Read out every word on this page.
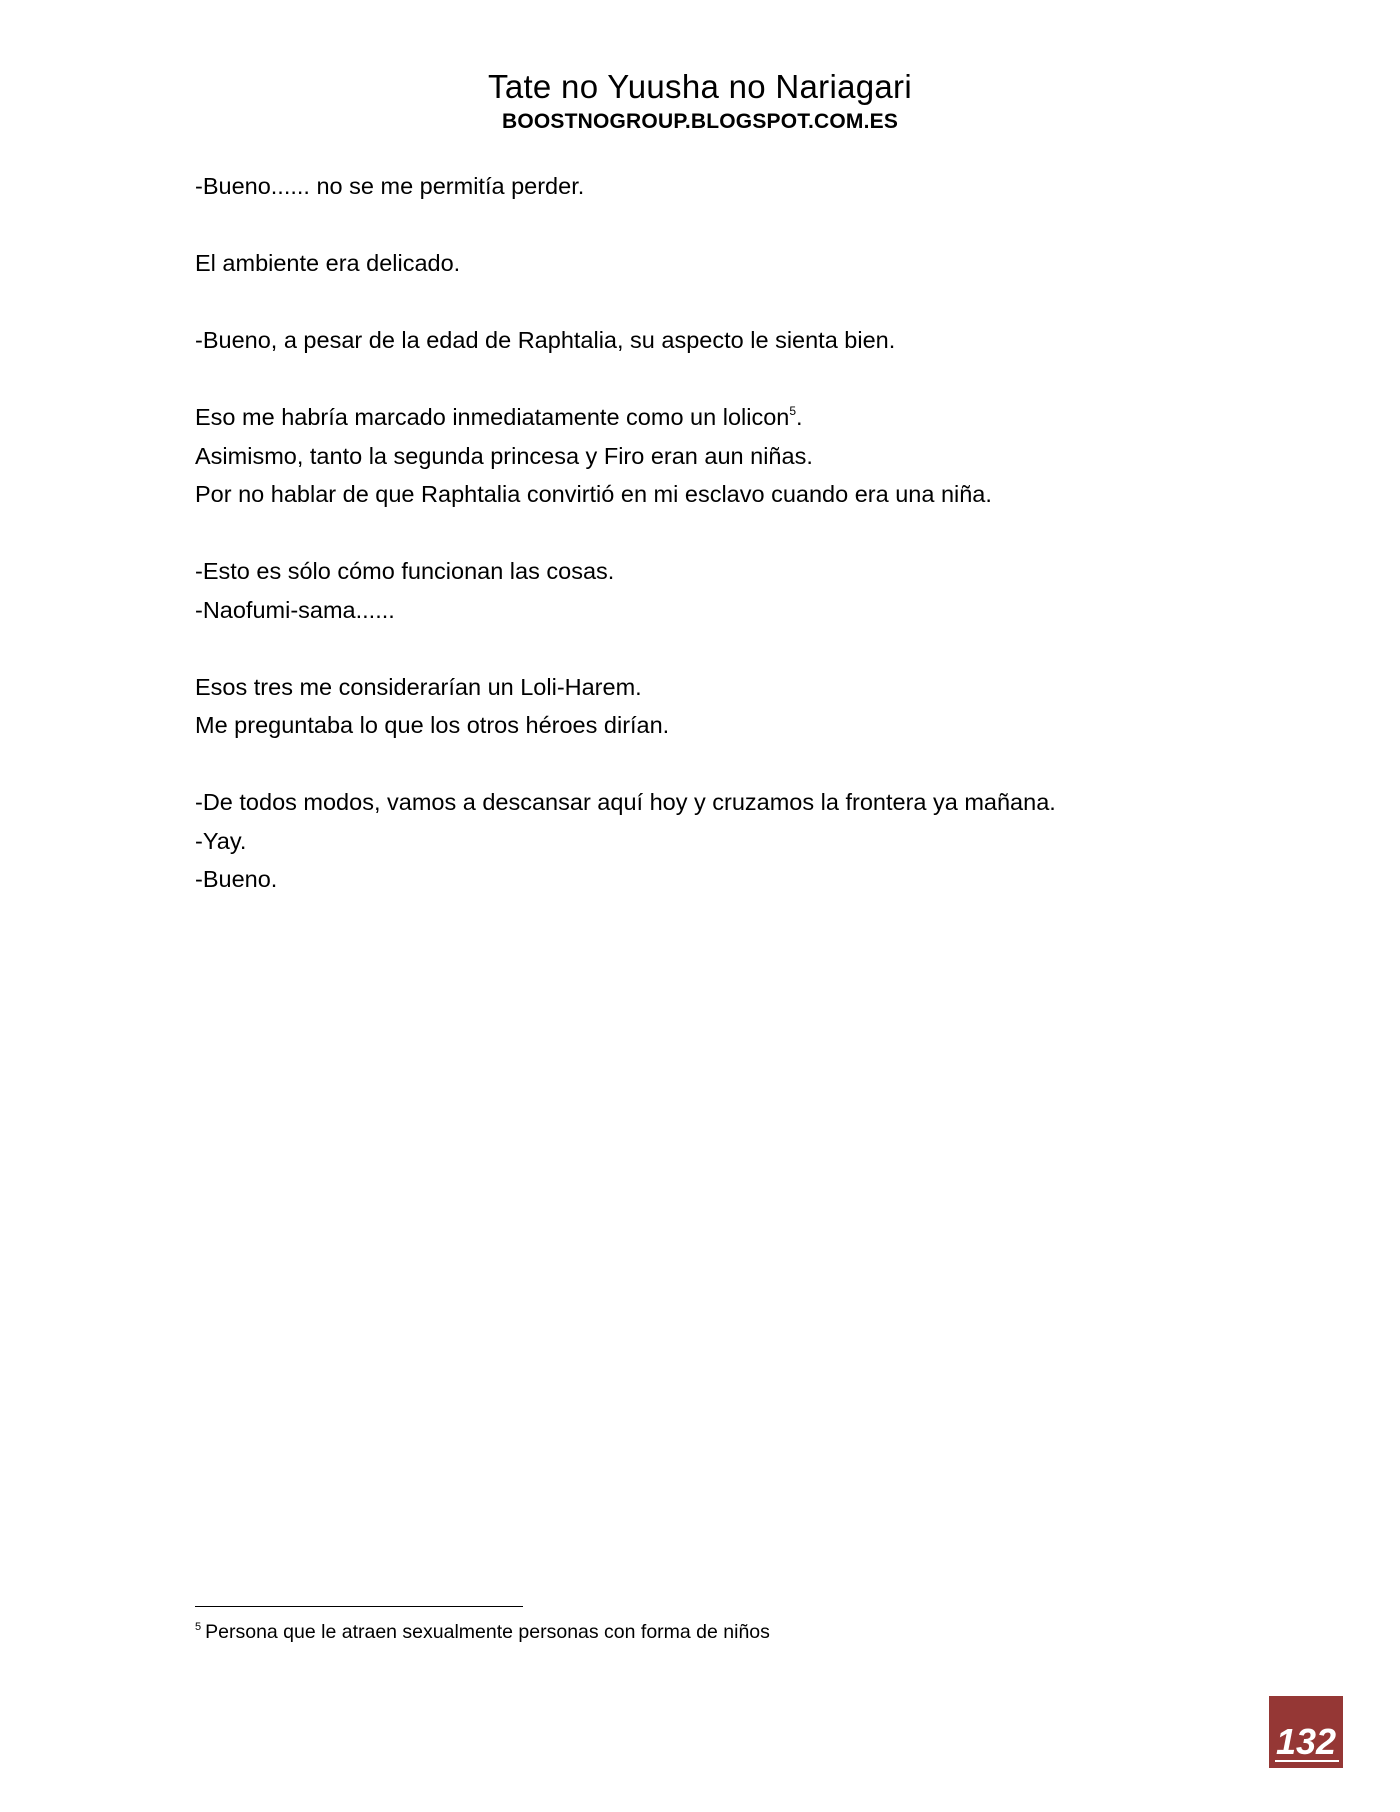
Tate no Yuusha no Nariagari
BOOSTNOGROUP.BLOGSPOT.COM.ES
-Bueno...... no se me permitía perder.
El ambiente era delicado.
-Bueno, a pesar de la edad de Raphtalia, su aspecto le sienta bien.
Eso me habría marcado inmediatamente como un lolicon$^5$.
Asimismo, tanto la segunda princesa y Firo eran aun niñas.
Por no hablar de que Raphtalia convirtió en mi esclavo cuando era una niña.
-Esto es sólo cómo funcionan las cosas.
-Naofumi-sama......
Esos tres me considerarían un Loli-Harem.
Me preguntaba lo que los otros héroes dirían.
-De todos modos, vamos a descansar aquí hoy y cruzamos la frontera ya mañana.
-Yay.
-Bueno.
$^5$ Persona que le atraen sexualmente personas con forma de niños
132
